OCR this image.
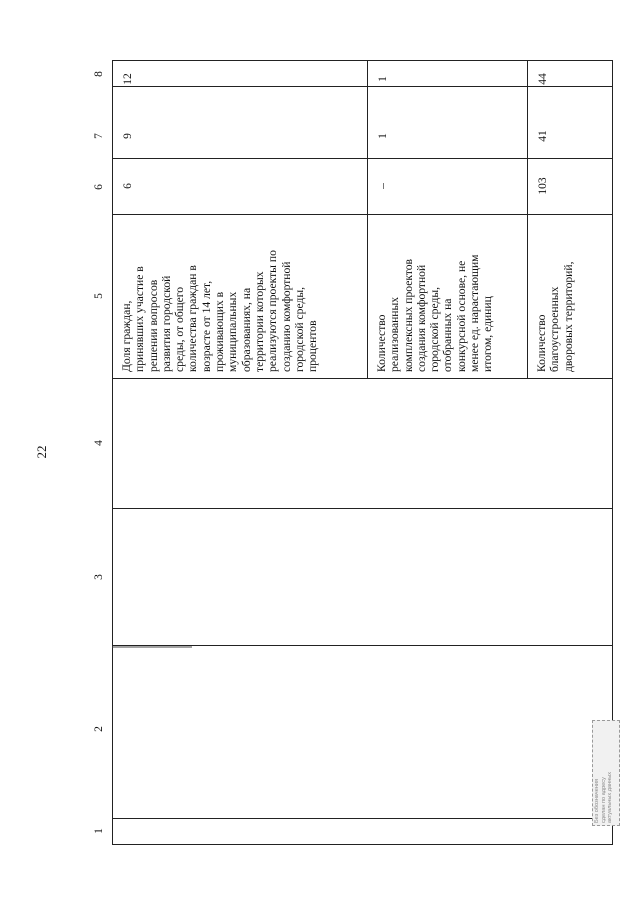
22
1
2
3
4
5
6
7
8
Доля граждан,
принявших участие в
решении вопросов
развития городской
среды, от общего
количества граждан в
возрасте от 14 лет,
проживающих в
муниципальных
образованиях, на
территории которых
реализуются проекты по
созданию комфортной
городской среды,
процентов
6
9
12
Количество
реализованных
комплексных проектов
создания комфортной
городской среды,
отобранных на
конкурсной основе, не
менее ед. нарастающим
итогом, единиц
–
1
1
Количество
благоустроенных
дворовых территорий,
103
41
44
Без обозначения
сделан по адресу
актуальных данных
